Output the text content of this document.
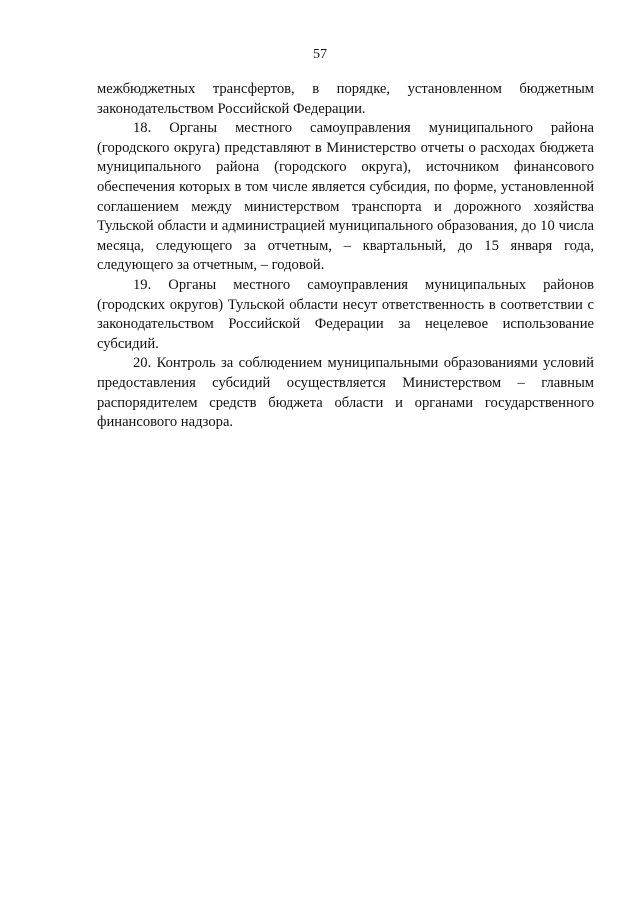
57

межбюджетных трансфертов, в порядке, установленном бюджетным законодательством Российской Федерации.

18. Органы местного самоуправления муниципального района (городского округа) представляют в Министерство отчеты о расходах бюджета муниципального района (городского округа), источником финансового обеспечения которых в том числе является субсидия, по форме, установленной соглашением между министерством транспорта и дорожного хозяйства Тульской области и администрацией муниципального образования, до 10 числа месяца, следующего за отчетным, – квартальный, до 15 января года, следующего за отчетным, – годовой.

19. Органы местного самоуправления муниципальных районов (городских округов) Тульской области несут ответственность в соответствии с законодательством Российской Федерации за нецелевое использование субсидий.

20. Контроль за соблюдением муниципальными образованиями условий предоставления субсидий осуществляется Министерством – главным распорядителем средств бюджета области и органами государственного финансового надзора.
